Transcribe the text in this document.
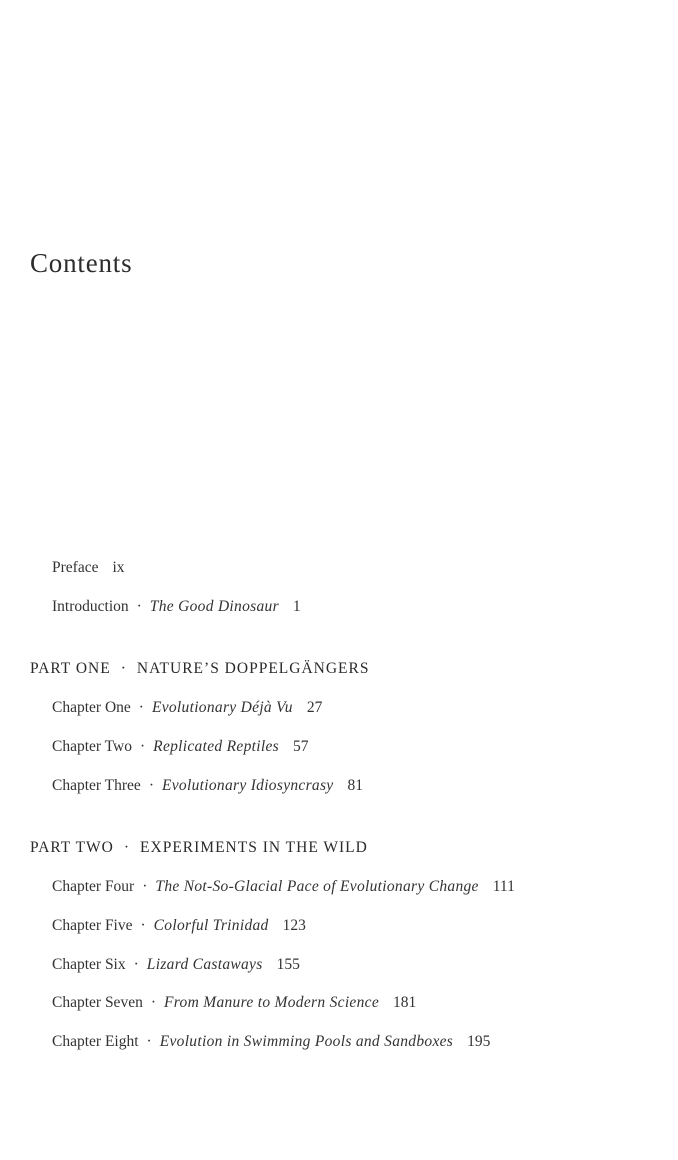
Contents
Preface ix
Introduction · The Good Dinosaur 1
PART ONE · NATURE’S DOPPELGÄNGERS
Chapter One · Evolutionary Déjà Vu 27
Chapter Two · Replicated Reptiles 57
Chapter Three · Evolutionary Idiosyncrasy 81
PART TWO · EXPERIMENTS IN THE WILD
Chapter Four · The Not-So-Glacial Pace of Evolutionary Change 111
Chapter Five · Colorful Trinidad 123
Chapter Six · Lizard Castaways 155
Chapter Seven · From Manure to Modern Science 181
Chapter Eight · Evolution in Swimming Pools and Sandboxes 195
